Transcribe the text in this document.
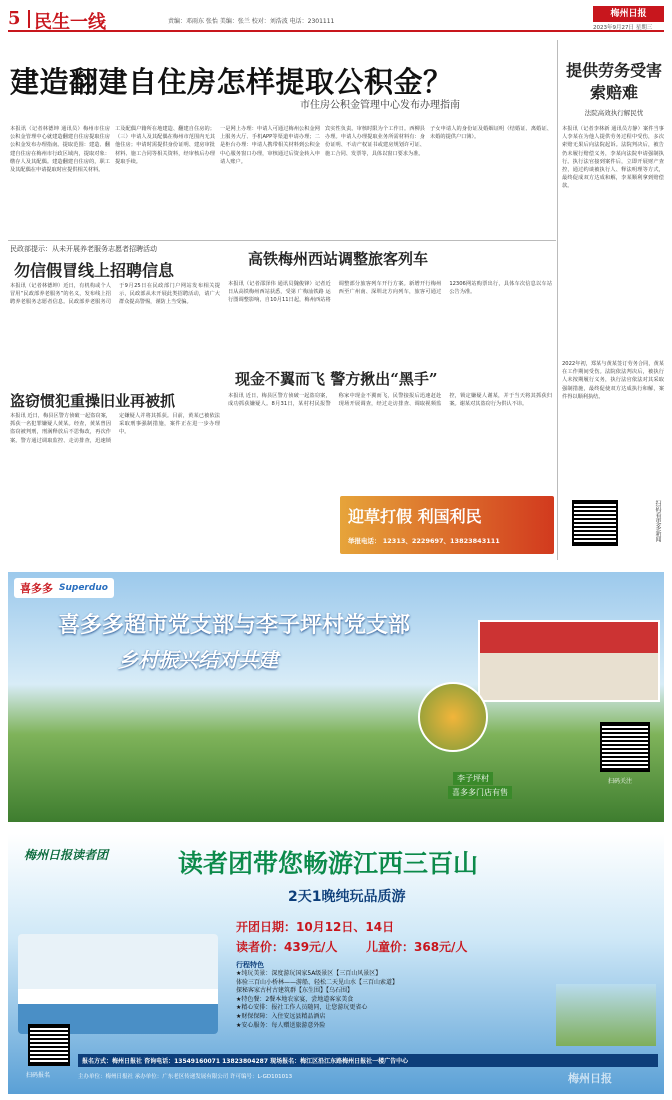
5 民生一线	责编：邓雨东 张怡 美编：张兰 校对：刘浩波 电话：2301111
梅州日报
2023年9月27日 星期三
建造翻建自住房怎样提取公积金？
市住房公积金管理中心发布办理指南
本报讯（记者林德坤 通讯员）梅州市住房公积金管理中心就建造翻建自住房提取住房公积金发布办理指南。提取范围：建造、翻建自住房在梅州市行政区域内，提取对象：缴存人及其配偶。建造翻建自住房的，职工及其配偶在申请提取时应提供相关材料。
工及配偶户籍所在地建造、翻建自住房的；（三）申请人及其配偶在梅州市范围内无其他住房；申请时需提供身份证明、建房审批材料、施工合同等相关资料，经审核后办理提取手续。
一是网上办理：申请人可通过梅州公积金网上服务大厅、手机APP等渠道申请办理；二是柜台办理：申请人携带相关材料到公积金中心服务窗口办理，审核通过后资金转入申请人账户。
宾实性负责。审核时限为个工作日。西柳县办理。申请人办理提取业务所需材料有：身份证明、不动产权证书或建房规划许可证、施工合同、发票等，具体以窗口要求为准。
子女申请人的身份证及婚姻证明（结婚证、离婚证、未婚的提供户口簿）。
提供劳务受害索赔难
法院高效执行解民忧
本报讯（记者李林新 通讯员方静）案件当事人李某在为他人提供劳务过程中受伤，多次索赔无果后向法院起诉。法院判决后，被告仍未履行赔偿义务，李某向法院申请强制执行。执行法官接到案件后，立即开展财产查控，通过约谈被执行人、释法明理等方式，最终促成双方达成和解，李某顺利拿到赔偿款。
民政部提示：从未开展养老服务志愿者招聘活动
勿信假冒线上招聘信息
本报讯（记者林德坤）近日，有机构或个人冒用“民政部养老服务”的名义，发布线上招聘养老服务志愿者信息。民政部养老服务司于9月25日在民政部门户网站发布相关提示，民政部从未开展此类招聘活动，请广大群众提高警惕，谨防上当受骗。
高铁梅州西站调整旅客列车
本报讯（记者邵泽伟 通讯员魏俊锋）记者近日从高铁梅州西站获悉，受第 广梅汕铁路 运行图调整影响，自10月11日起，梅州西站将调整部分旅客列车开行方案。新增开行梅州西至广州南、深圳北方向列车，旅客可通过12306网站购票出行，具体车次信息以车站公告为准。
盗窃惯犯重操旧业再被抓
本报讯 近日，梅县区警方侦破一起盗窃案，抓获一名犯罪嫌疑人黄某。经查，黄某曾因盗窃被判刑，刑满释放后不思悔改，再次作案。警方通过调取监控、走访排查，迅速锁定嫌疑人并将其抓获。目前，黄某已被依法采取刑事强制措施，案件正在进一步办理中。
现金不翼而飞 警方揪出“黑手”
本报讯 近日，梅县区警方侦破一起盗窃案，成功抓获嫌疑人。8月31日，某村村民报警称家中现金不翼而飞，民警接报后迅速赶赴现场开展调查，经过走访排查、调取视频监控，锁定嫌疑人谢某，并于当天将其抓获归案。谢某对其盗窃行为供认不讳。
迎草打假 利国利民
举报电话： 12313、2229697、13823843111
2022年初，郑某与黄某签订劳务合同，黄某在工作期间受伤。法院依法判决后，被执行人未按期履行义务，执行法官依法对其采取强制措施，最终促使双方达成执行和解，案件得以顺利执结。
扫码看更多新闻
喜多多 Superduo
喜多多超市党支部与李子坪村党支部
乡村振兴结对共建
李子坪村
喜多多门店有售
扫码关注
梅州日报读者团	读者团带您畅游江西三百山
2天1晚纯玩品质游
开团日期：10月12日、14日
读者价：439元/人 儿童价：368元/人
行程特色
★纯玩美景：深度游玩国家5A级景区【三百山风景区】
体验三百山小桥林——游船、轻松二天见山水【三百山索道】
探秘客家古村古建筑群【东生围】【乌石围】
★特色餐：2餐本地农家宴，尝地道客家美食
★精心安排：报社工作人员随同，让您游玩更省心
★财保保障：入住安远县精品酒店
★安心服务：每人赠送旅游意外险
扫码报名
报名方式：梅州日报社 咨询电话：13549160071 13823804287 现场报名：梅江区沿江东路梅州日报社一楼广告中心
主办单位：梅州日报社 承办单位：广东老区传递发展有限公司 许可编号：L-GD101013	梅州日报
